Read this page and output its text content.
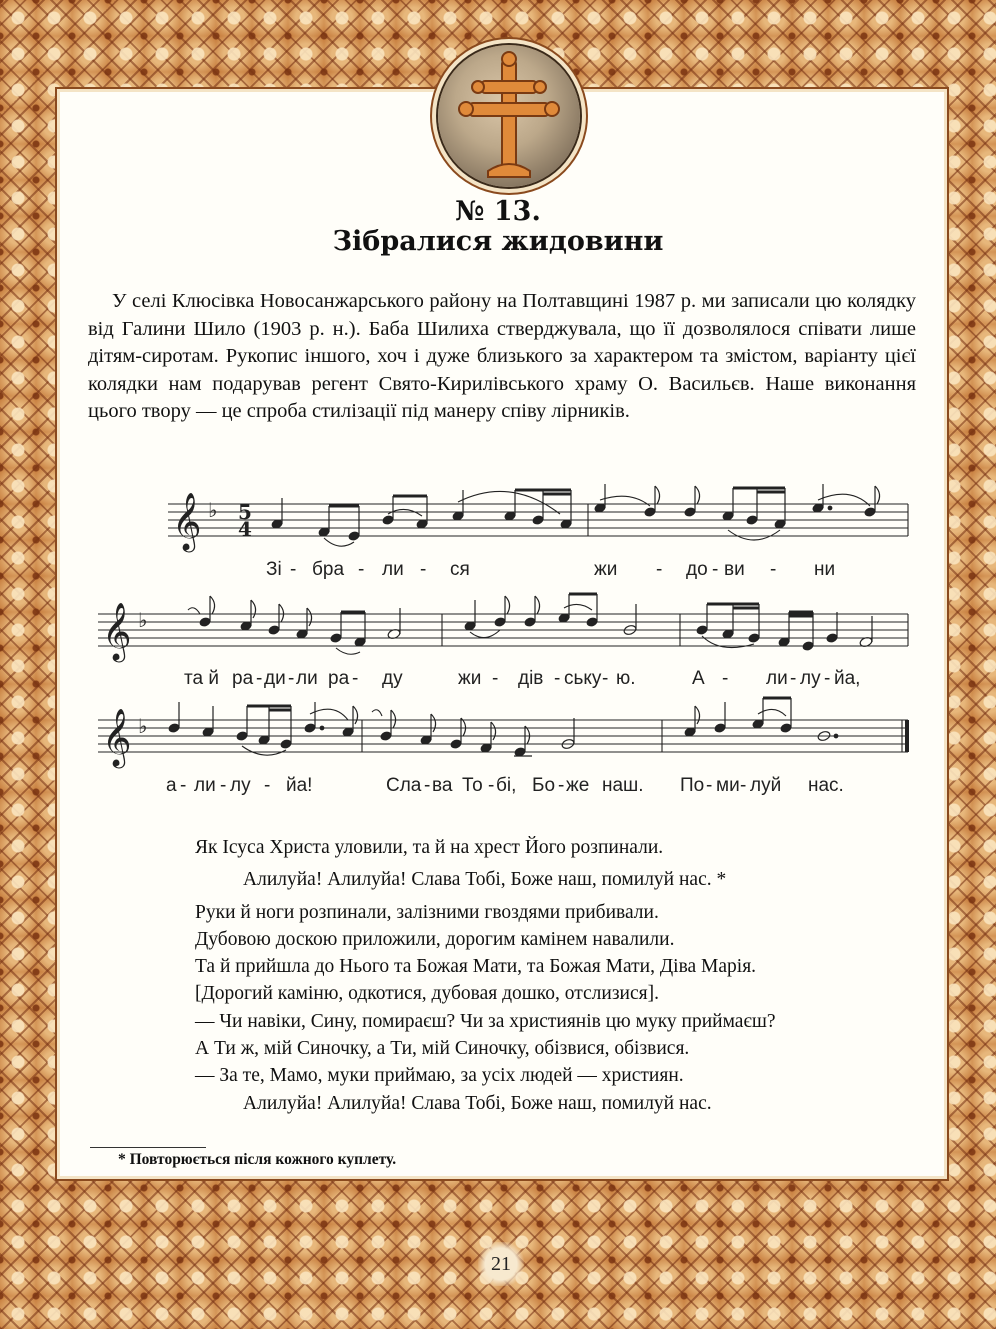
№ 13.
Зібралися жидовини
У селі Клюсівка Новосанжарського району на Полтавщині 1987 р. ми записали цю колядку від Галини Шило (1903 р. н.). Баба Шилиха стверджувала, що її дозволялося співати лише дітям-сиротам. Рукопис іншого, хоч і дуже близького за характером та змістом, варіанту цієї колядки нам подарував регент Свято-Кирилівського храму О. Васильєв. Наше виконання цього твору — це спроба стилізації під манеру співу лірників.
𝄞
𝄞
𝄞
♭
♭
♭
5
4
Зі - бра - ли - ся	жи - до - ви - ни
та й ра - ди - ли ра - ду	жи - дів - ську - ю.	А - ли - лу - йа,
а - ли - лу - йа!	Сла - ва То - бі, Бо - же наш. По - ми - луй нас.
Як Ісуса Христа уловили, та й на хрест Його розпинали.
Алилуйа! Алилуйа! Слава Тобі, Боже наш, помилуй нас. *
Руки й ноги розпинали, залізними гвоздями прибивали.
Дубовою доскою приложили, дорогим камінем навалили.
Та й прийшла до Нього та Божая Мати, та Божая Мати, Діва Марія.
[Дорогий каміню, одкотися, дубовая дошко, отслизися].
— Чи навіки, Сину, помираєш? Чи за християнів цю муку приймаєш?
А Ти ж, мій Синочку, а Ти, мій Синочку, обізвися, обізвися.
— За те, Мамо, муки приймаю, за усіх людей — християн.
Алилуйа! Алилуйа! Слава Тобі, Боже наш, помилуй нас.
* Повторюється після кожного куплету.
21
